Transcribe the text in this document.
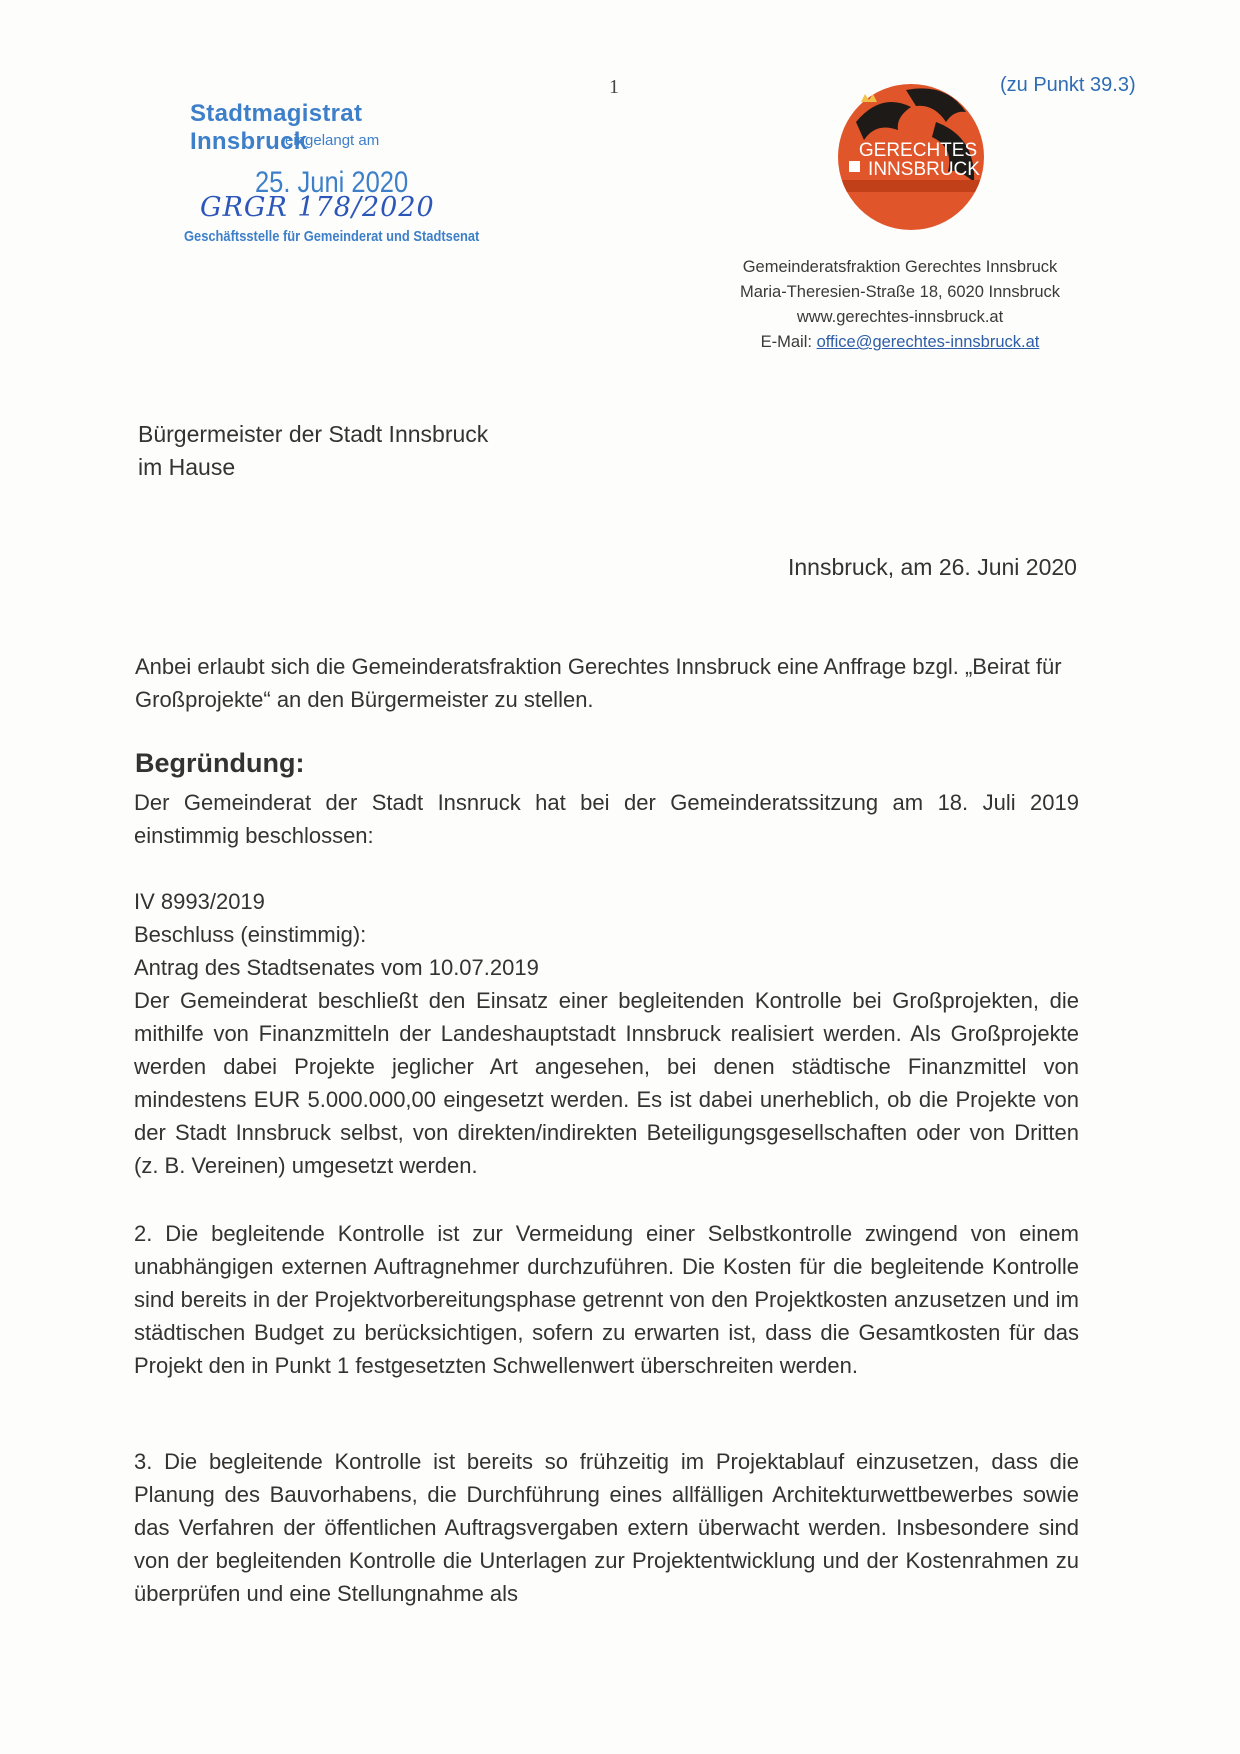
1	(zu Punkt 39.3)
Stadtmagistrat Innsbruck
eingelangt am
25. Juni 2020
GRGR 178/2020
Geschäftsstelle für Gemeinderat und Stadtsenat
GERECHTES
INNSBRUCK
Gemeinderatsfraktion Gerechtes Innsbruck
Maria-Theresien-Straße 18, 6020 Innsbruck
www.gerechtes-innsbruck.at
E-Mail: office@gerechtes-innsbruck.at
Bürgermeister der Stadt Innsbruck
im Hause
Innsbruck, am 26. Juni 2020
Anbei erlaubt sich die Gemeinderatsfraktion Gerechtes Innsbruck eine Anffrage bzgl. „Beirat für Großprojekte“ an den Bürgermeister zu stellen.
Begründung:
Der Gemeinderat der Stadt Insnruck hat bei der Gemeinderatssitzung am 18. Juli 2019 einstimmig beschlossen:
IV 8993/2019
Beschluss (einstimmig):
Antrag des Stadtsenates vom 10.07.2019
Der Gemeinderat beschließt den Einsatz einer begleitenden Kontrolle bei Großprojekten, die mithilfe von Finanzmitteln der Landeshauptstadt Innsbruck realisiert werden. Als Großprojekte werden dabei Projekte jeglicher Art angesehen, bei denen städtische Finanzmittel von mindestens EUR 5.000.000,00 eingesetzt werden. Es ist dabei unerheblich, ob die Projekte von der Stadt Innsbruck selbst, von direkten/indirekten Beteiligungsgesellschaften oder von Dritten (z. B. Vereinen) umgesetzt werden.
2. Die begleitende Kontrolle ist zur Vermeidung einer Selbstkontrolle zwingend von einem unabhängigen externen Auftragnehmer durchzuführen. Die Kosten für die begleitende Kontrolle sind bereits in der Projektvorbereitungsphase getrennt von den Projektkosten anzusetzen und im städtischen Budget zu berücksichtigen, sofern zu erwarten ist, dass die Gesamtkosten für das Projekt den in Punkt 1 festgesetzten Schwellenwert überschreiten werden.
3. Die begleitende Kontrolle ist bereits so frühzeitig im Projektablauf einzusetzen, dass die Planung des Bauvorhabens, die Durchführung eines allfälligen Architekturwettbewerbes sowie das Verfahren der öffentlichen Auftragsvergaben extern überwacht werden. Insbesondere sind von der begleitenden Kontrolle die Unterlagen zur Projektentwicklung und der Kostenrahmen zu überprüfen und eine Stellungnahme als
